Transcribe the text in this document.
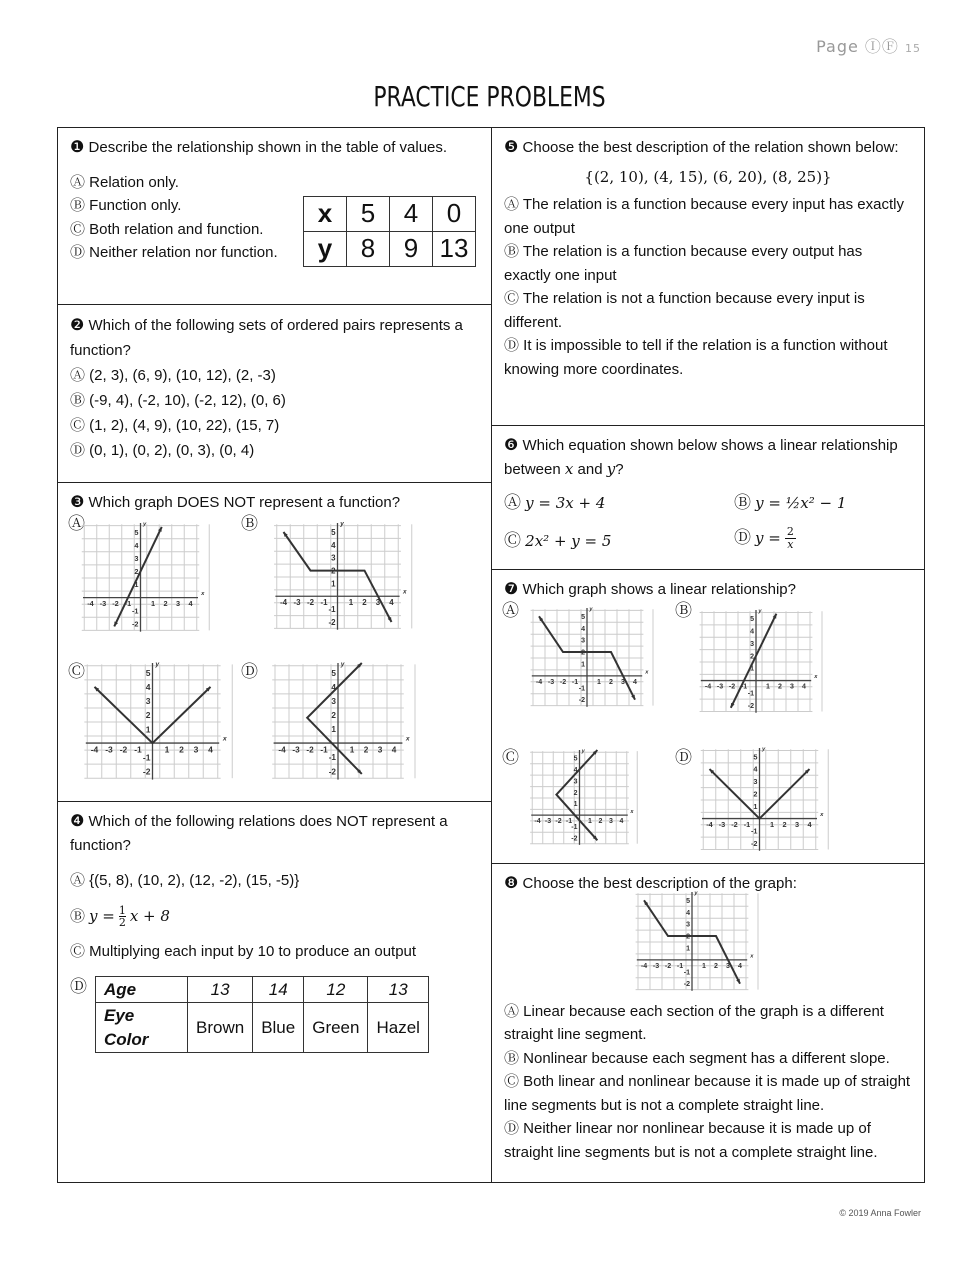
Page ⒾⒻ 15
PRACTICE PROBLEMS
❶ Describe the relationship shown in the table of values.
Ⓐ Relation only.
Ⓑ Function only.
Ⓒ Both relation and function.
Ⓓ Neither relation nor function.
x	5	4	0
y	8	9	13
❷ Which of the following sets of ordered pairs represents a function?
Ⓐ (2, 3), (6, 9), (10, 12), (2, -3)
Ⓑ (-9, 4), (-2, 10), (-2, 12), (0, 6)
Ⓒ (1, 2), (4, 9), (10, 22), (15, 7)
Ⓓ (0, 1), (0, 2), (0, 3), (0, 4)
❸ Which graph DOES NOT represent a function?
Ⓐ	Ⓑ
Ⓒ	Ⓓ
-4 -3 -2 -1	1 2 3 4
5
4
3
2
1
-1
-2
x
y
-4 -3 -2 -1	1 2 3 4
5
4
3
2
1
-1
-2
x
y
-4 -3 -2 -1	1 2 3 4
5
4
3
2
1
-1
-2
x
y
-4 -3 -2 -1	1 2 3 4
5
4
3
2
1
-1
-2
x
y
❹ Which of the following relations does NOT represent a function?
Ⓐ {(5, 8), (10, 2), (12, -2), (15, -5)}
Ⓑ $y = \frac{1}{2}$ x + 8
Ⓒ Multiplying each input by 10 to produce an output
Ⓓ Age	13	14	12	13
Eye Color	Brown	Blue	Green	Hazel
❺ Choose the best description of the relation shown below:
{(2, 10), (4, 15), (6, 20), (8, 25)}
Ⓐ The relation is a function because every input has exactly one output
Ⓑ The relation is a function because every output has exactly one input
Ⓒ The relation is not a function because every input is different.
Ⓓ It is impossible to tell if the relation is a function without knowing more coordinates.
❻ Which equation shown below shows a linear relationship between x and y?
Ⓐ y = 3x + 4	Ⓑ y = ½x² − 1
Ⓒ 2x² + y = 5	Ⓓ $y = \frac{2}{x}$
❼ Which graph shows a linear relationship?
Ⓐ	Ⓑ
Ⓒ	Ⓓ
-4 -3 -2 -1	1 2 3 4
5
4
3
2
1
-1
-2
x
y
-4 -3 -2 -1	1 2 3 4
5
4
3
2
1
-1
-2
x
y
-4 -3 -2 -1 1 2 3 4
5
4
3
2
1
-1
-2
x
y
-4 -3 -2 -1	1 2 3 4
5
4
3
2
1
-1
-2
x
y
❽ Choose the best description of the graph:
-4 -3 -2 -1	1 2 3 4
5
4
3
2
1
-1
-2
x
y
Ⓐ Linear because each section of the graph is a different straight line segment.
Ⓑ Nonlinear because each segment has a different slope.
Ⓒ Both linear and nonlinear because it is made up of straight line segments but is not a complete straight line.
Ⓓ Neither linear nor nonlinear because it is made up of straight line segments but is not a complete straight line.
© 2019 Anna Fowler
